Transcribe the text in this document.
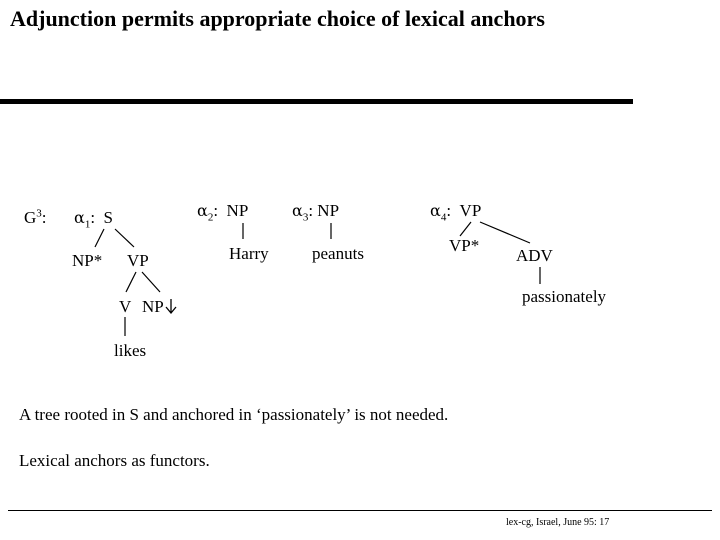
Adjunction permits appropriate choice of lexical anchors
$G^3$: $\alpha_1$:  S
NP* VP
V NP
likes
$\alpha_2$:  NP
Harry
$\alpha_3$: NP
peanuts
$\alpha_4$:  VP
VP*
ADV
passionately
A tree rooted in S and anchored in ‘passionately’ is not needed.
Lexical anchors as functors.
lex-cg, Israel, June 95: 17
